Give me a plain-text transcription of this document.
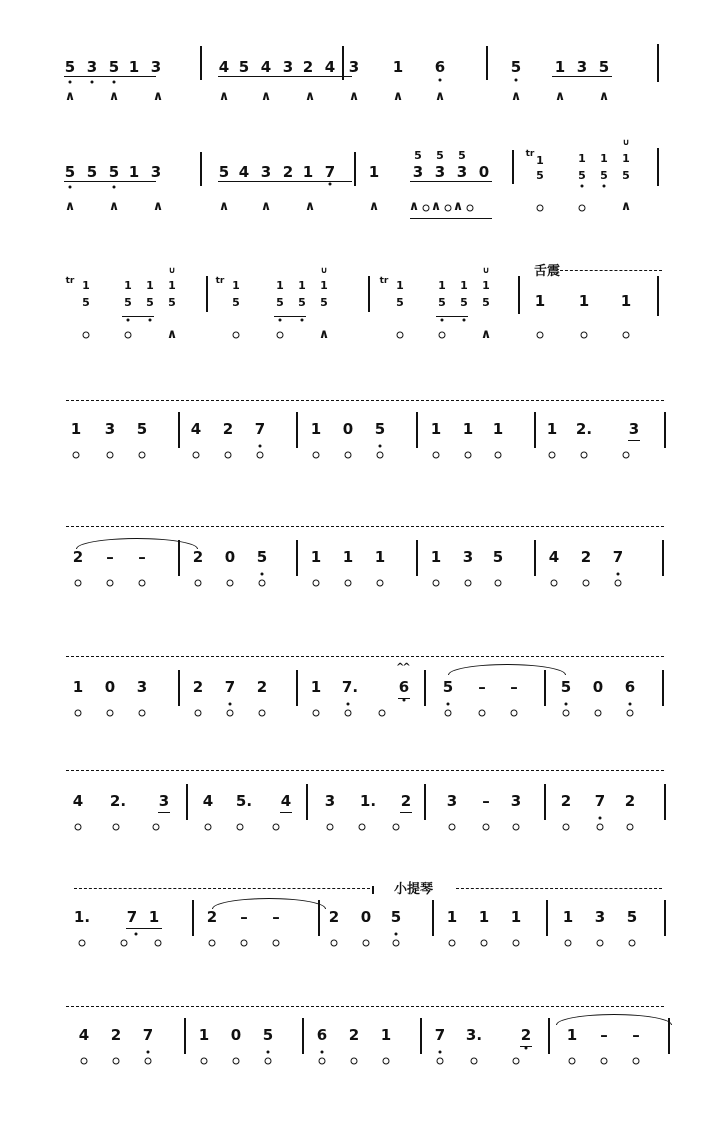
舌震
小提琴
5 3 5 1 3	4 5 4 3 2 4 3 1 6	5 1 3 5
∧	∧	∧	∧ ∧	∧	∧	∧ ∧	∧	∧	∧
5 5 5 1 3	5 4 3 2 1 7 1
5 5 5
3 3 3 0
∧	∧	∧	∧ ∧	∧	∧ ∧ ∧ ∧
tr 1
5
1 1 1
5 5 5
∪
∧
tr 1
5
1
5
1
5
1
5
∪
∧
tr 1
5
1
5
1
5
1
5
∪
∧
tr 1
5
1
5
1
5
1
5
∪
∧
1 1 1
1 3 5	4 2 7	1 0 5	1 1 1	1 2. 3
2 – –	2 0 5	1 1 1	1 3 5	4 2 7
1 0 3	2 7 2	1 7.	6 5 – –	5 0 6
^^
4 2. 3 4 5. 4 3 1. 2 3 – 3	2 7 2
1. 7 1	2 – –	2 0 5	1 1 1	1 3 5
4 2 7	1 0 5	6 2 1	7 3.	2 1 – –
